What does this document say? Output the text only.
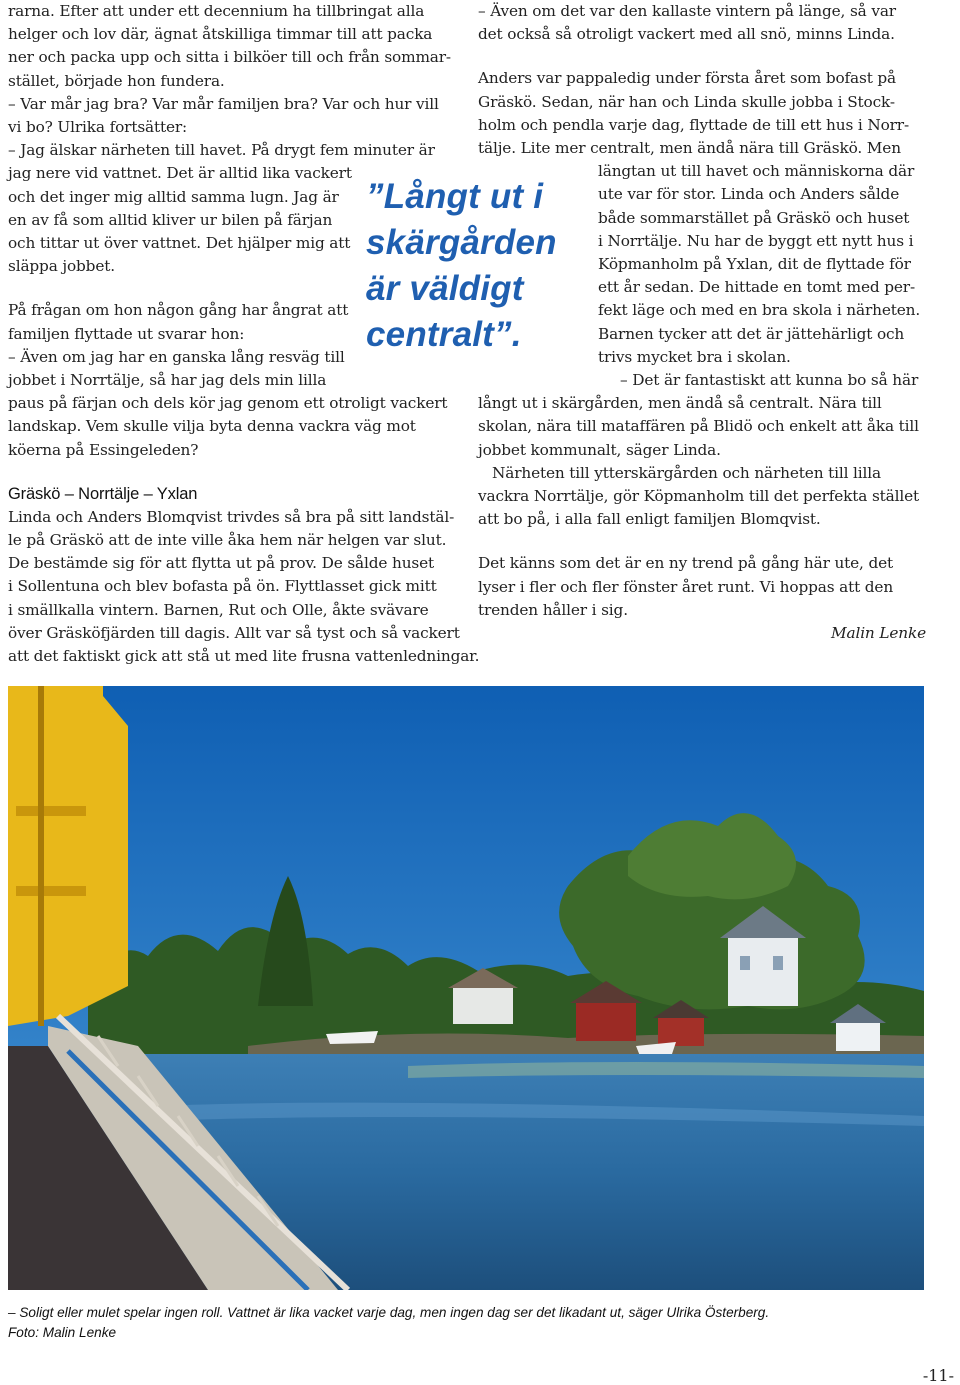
rarna. Efter att under ett decennium ha tillbringat alla
helger och lov där, ägnat åtskilliga timmar till att packa
ner och packa upp och sitta i bilköer till och från sommar-
stället, började hon fundera.
– Var mår jag bra? Var mår familjen bra? Var och hur vill
vi bo? Ulrika fortsätter:
– Jag älskar närheten till havet. På drygt fem minuter är
jag nere vid vattnet. Det är alltid lika vackert
och det inger mig alltid samma lugn. Jag är
en av få som alltid kliver ur bilen på färjan
och tittar ut över vattnet. Det hjälper mig att
släppa jobbet.
På frågan om hon någon gång har ångrat att
familjen flyttade ut svarar hon:
– Även om jag har en ganska lång resväg till
jobbet i Norrtälje, så har jag dels min lilla
paus på färjan och dels kör jag genom ett otroligt vackert
landskap. Vem skulle vilja byta denna vackra väg mot
köerna på Essingeleden?
Gräskö – Norrtälje – Yxlan
Linda och Anders Blomqvist trivdes så bra på sitt landstäl-
le på Gräskö att de inte ville åka hem när helgen var slut.
De bestämde sig för att flytta ut på prov. De sålde huset
i Sollentuna och blev bofasta på ön. Flyttlasset gick mitt
i smällkalla vintern. Barnen, Rut och Olle, åkte svävare
över Gräsköfjärden till dagis. Allt var så tyst och så vackert
att det faktiskt gick att stå ut med lite frusna vattenledningar.
”Långt ut i
skärgården
är väldigt
centralt”.
– Även om det var den kallaste vintern på länge, så var
det också så otroligt vackert med all snö, minns Linda.
Anders var pappaledig under första året som bofast på
Gräskö. Sedan, när han och Linda skulle jobba i Stock-
holm och pendla varje dag, flyttade de till ett hus i Norr-
tälje. Lite mer centralt, men ändå nära till Gräskö. Men
längtan ut till havet och människorna där
ute var för stor. Linda och Anders sålde
både sommarstället på Gräskö och huset
i Norrtälje. Nu har de byggt ett nytt hus i
Köpmanholm på Yxlan, dit de flyttade för
ett år sedan. De hittade en tomt med per-
fekt läge och med en bra skola i närheten.
Barnen tycker att det är jättehärligt och
trivs mycket bra i skolan.
– Det är fantastiskt att kunna bo så här
långt ut i skärgården, men ändå så centralt. Nära till
skolan, nära till mataffären på Blidö och enkelt att åka till
jobbet kommunalt, säger Linda.
Närheten till ytterskärgården och närheten till lilla
vackra Norrtälje, gör Köpmanholm till det perfekta stället
att bo på, i alla fall enligt familjen Blomqvist.
Det känns som det är en ny trend på gång här ute, det
lyser i fler och fler fönster året runt. Vi hoppas att den
trenden håller i sig.
Malin Lenke
– Soligt eller mulet spelar ingen roll. Vattnet är lika vacket varje dag, men ingen dag ser det likadant ut, säger Ulrika Österberg.
Foto: Malin Lenke
-11-
